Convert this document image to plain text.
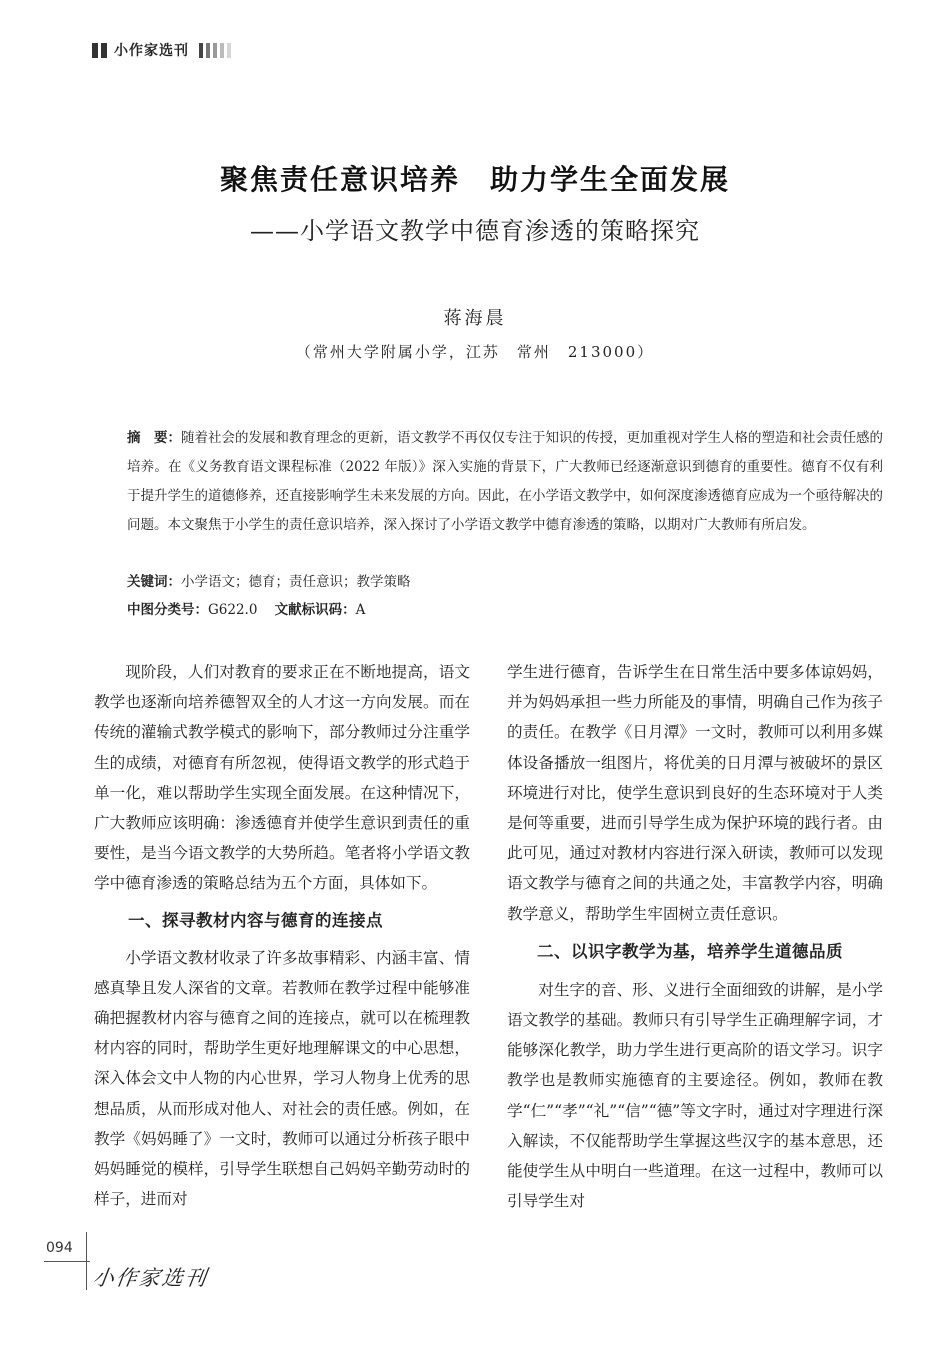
小作家选刊
聚焦责任意识培养 助力学生全面发展
——小学语文教学中德育渗透的策略探究
蒋海晨
（常州大学附属小学，江苏　常州　213000）
摘　要：随着社会的发展和教育理念的更新，语文教学不再仅仅专注于知识的传授，更加重视对学生人格的塑造和社会责任感的培养。在《义务教育语文课程标准（2022 年版）》深入实施的背景下，广大教师已经逐渐意识到德育的重要性。德育不仅有利于提升学生的道德修养，还直接影响学生未来发展的方向。因此，在小学语文教学中，如何深度渗透德育应成为一个亟待解决的问题。本文聚焦于小学生的责任意识培养，深入探讨了小学语文教学中德育渗透的策略，以期对广大教师有所启发。
关键词：小学语文；德育；责任意识；教学策略
中图分类号：G622.0 文献标识码：A

现阶段，人们对教育的要求正在不断地提高，语文教学也逐渐向培养德智双全的人才这一方向发展。而在传统的灌输式教学模式的影响下，部分教师过分注重学生的成绩，对德育有所忽视，使得语文教学的形式趋于单一化，难以帮助学生实现全面发展。在这种情况下，广大教师应该明确：渗透德育并使学生意识到责任的重要性，是当今语文教学的大势所趋。笔者将小学语文教学中德育渗透的策略总结为五个方面，具体如下。

一、探寻教材内容与德育的连接点

小学语文教材收录了许多故事精彩、内涵丰富、情感真挚且发人深省的文章。若教师在教学过程中能够准确把握教材内容与德育之间的连接点，就可以在梳理教材内容的同时，帮助学生更好地理解课文的中心思想，深入体会文中人物的内心世界，学习人物身上优秀的思想品质，从而形成对他人、对社会的责任感。例如，在教学《妈妈睡了》一文时，教师可以通过分析孩子眼中妈妈睡觉的模样，引导学生联想自己妈妈辛勤劳动时的样子，进而对

学生进行德育，告诉学生在日常生活中要多体谅妈妈，并为妈妈承担一些力所能及的事情，明确自己作为孩子的责任。在教学《日月潭》一文时，教师可以利用多媒体设备播放一组图片，将优美的日月潭与被破坏的景区环境进行对比，使学生意识到良好的生态环境对于人类是何等重要，进而引导学生成为保护环境的践行者。由此可见，通过对教材内容进行深入研读，教师可以发现语文教学与德育之间的共通之处，丰富教学内容，明确教学意义，帮助学生牢固树立责任意识。

二、以识字教学为基，培养学生道德品质

对生字的音、形、义进行全面细致的讲解，是小学语文教学的基础。教师只有引导学生正确理解字词，才能够深化教学，助力学生进行更高阶的语文学习。识字教学也是教师实施德育的主要途径。例如，教师在教学“仁”“孝”“礼”“信”“德”等文字时，通过对字理进行深入解读，不仅能帮助学生掌握这些汉字的基本意思，还能使学生从中明白一些道理。在这一过程中，教师可以引导学生对

094
小作家选刊
